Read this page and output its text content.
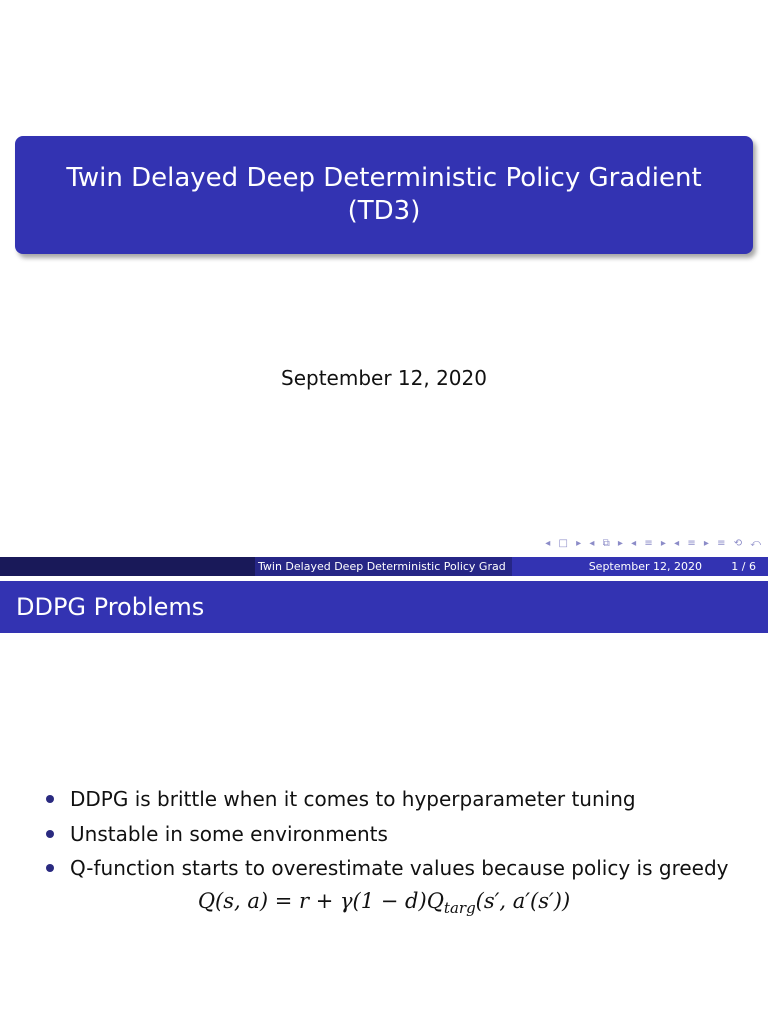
Twin Delayed Deep Deterministic Policy Gradient (TD3)
September 12, 2020
◂ □ ▸ ◂ ⧉ ▸ ◂ ≡ ▸ ◂ ≡ ▸ ≡ ⟲ ⤺
Twin Delayed Deep Deterministic Policy Grad	September 12, 2020	1 / 6
DDPG Problems
DDPG is brittle when it comes to hyperparameter tuning
Unstable in some environments
Q-function starts to overestimate values because policy is greedy
Q(s, $a) = r + \gamma(1 - d)Q_{targ}(s'$, a′(s′))
